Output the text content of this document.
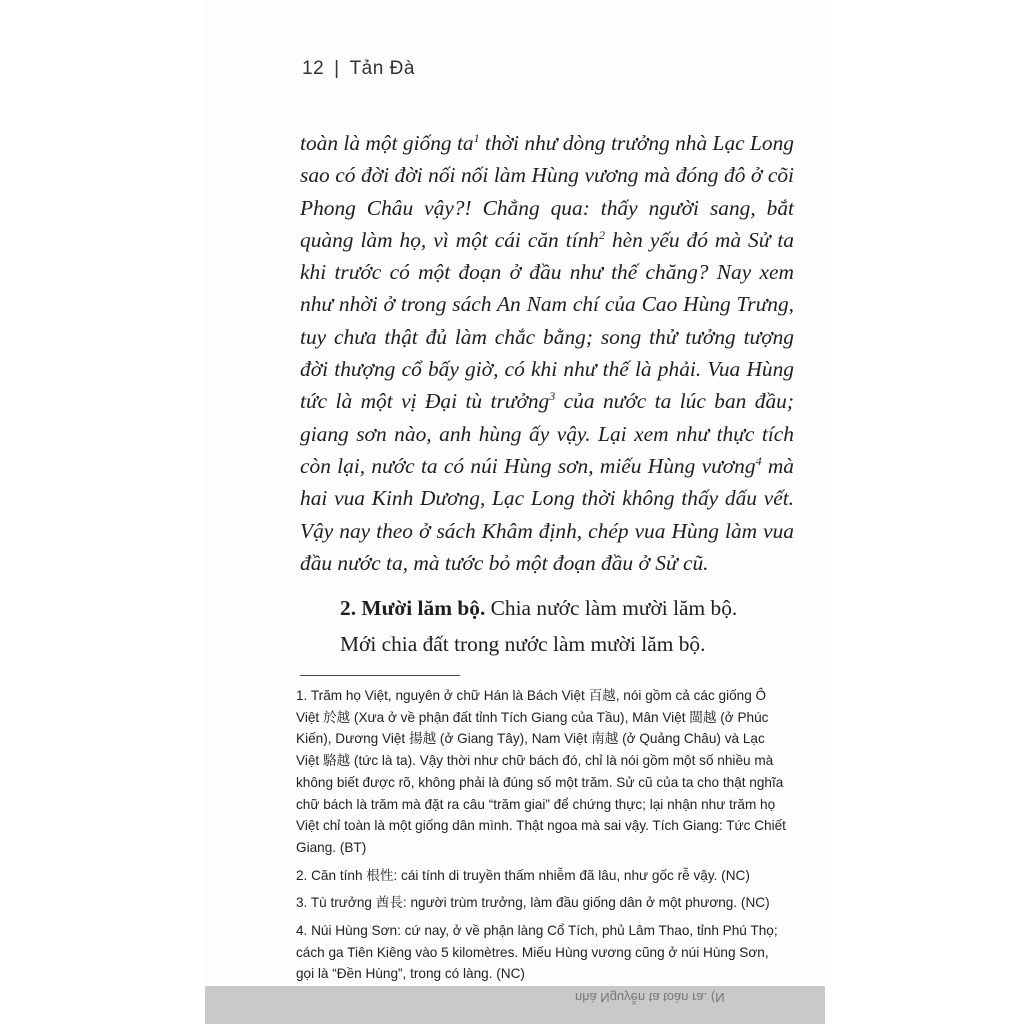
nhà Nguyễn ta toàn ra. (N
12 | Tản Đà

toàn là một giống $ta^1$ thời như dòng trưởng nhà Lạc Long sao có đời đời nối nối làm Hùng vương mà đóng đô ở cõi Phong Châu vậy?! Chẳng qua: thấy người sang, bắt quàng làm họ, vì một cái căn tính$^2$ hèn yếu đó mà Sử ta khi trước có một đoạn ở đầu như thế chăng? Nay xem như nhời ở trong sách An Nam chí của Cao Hùng Trưng, tuy chưa thật đủ làm chắc bằng; song thử tưởng tượng đời thượng cổ bấy giờ, có khi như thế là phải. Vua Hùng tức là một vị Đại tù trưởng$^3$ của nước ta lúc ban đầu; giang sơn nào, anh hùng ấy vậy. Lại xem như thực tích còn lại, nước ta có núi Hùng sơn, miếu Hùng vương$^4$ mà hai vua Kinh Dương, Lạc Long thời không thấy dấu vết. Vậy nay theo ở sách Khâm định, chép vua Hùng làm vua đầu nước ta, mà tước bỏ một đoạn đầu ở Sử cũ.

2. Mười lăm bộ. Chia nước làm mười lăm bộ.
Mới chia đất trong nước làm mười lăm bộ.

1. Trăm họ Việt, nguyên ở chữ Hán là Bách Việt 百越, nói gồm cả các giống Ô Việt 於越 (Xưa ở về phận đất tỉnh Tích Giang của Tầu), Mân Việt 閩越 (ở Phúc Kiến), Dương Việt 揚越 (ở Giang Tây), Nam Việt 南越 (ở Quảng Châu) và Lạc Việt 駱越 (tức là ta). Vậy thời như chữ bách đó, chỉ là nói gồm một số nhiều mà không biết được rõ, không phải là đúng số một trăm. Sử cũ của ta cho thật nghĩa chữ bách là trăm mà đặt ra câu “trăm giai” để chứng thực; lại nhận như trăm họ Việt chỉ toàn là một giống dân mình. Thật ngoa mà sai vậy. Tích Giang: Tức Chiết Giang. (BT)

2. Căn tính 根性: cái tính di truyền thấm nhiễm đã lâu, như gốc rễ vậy. (NC)

3. Tù trưởng 酋長: người trùm trưởng, làm đầu giống dân ở một phương. (NC)

4. Núi Hùng Sơn: cứ nay, ở về phận làng Cổ Tích, phủ Lâm Thao, tỉnh Phú Thọ; cách ga Tiên Kiêng vào 5 kilomètres. Miếu Hùng vương cũng ở núi Hùng Sơn, gọi là “Đền Hùng”, trong có làng. (NC)
